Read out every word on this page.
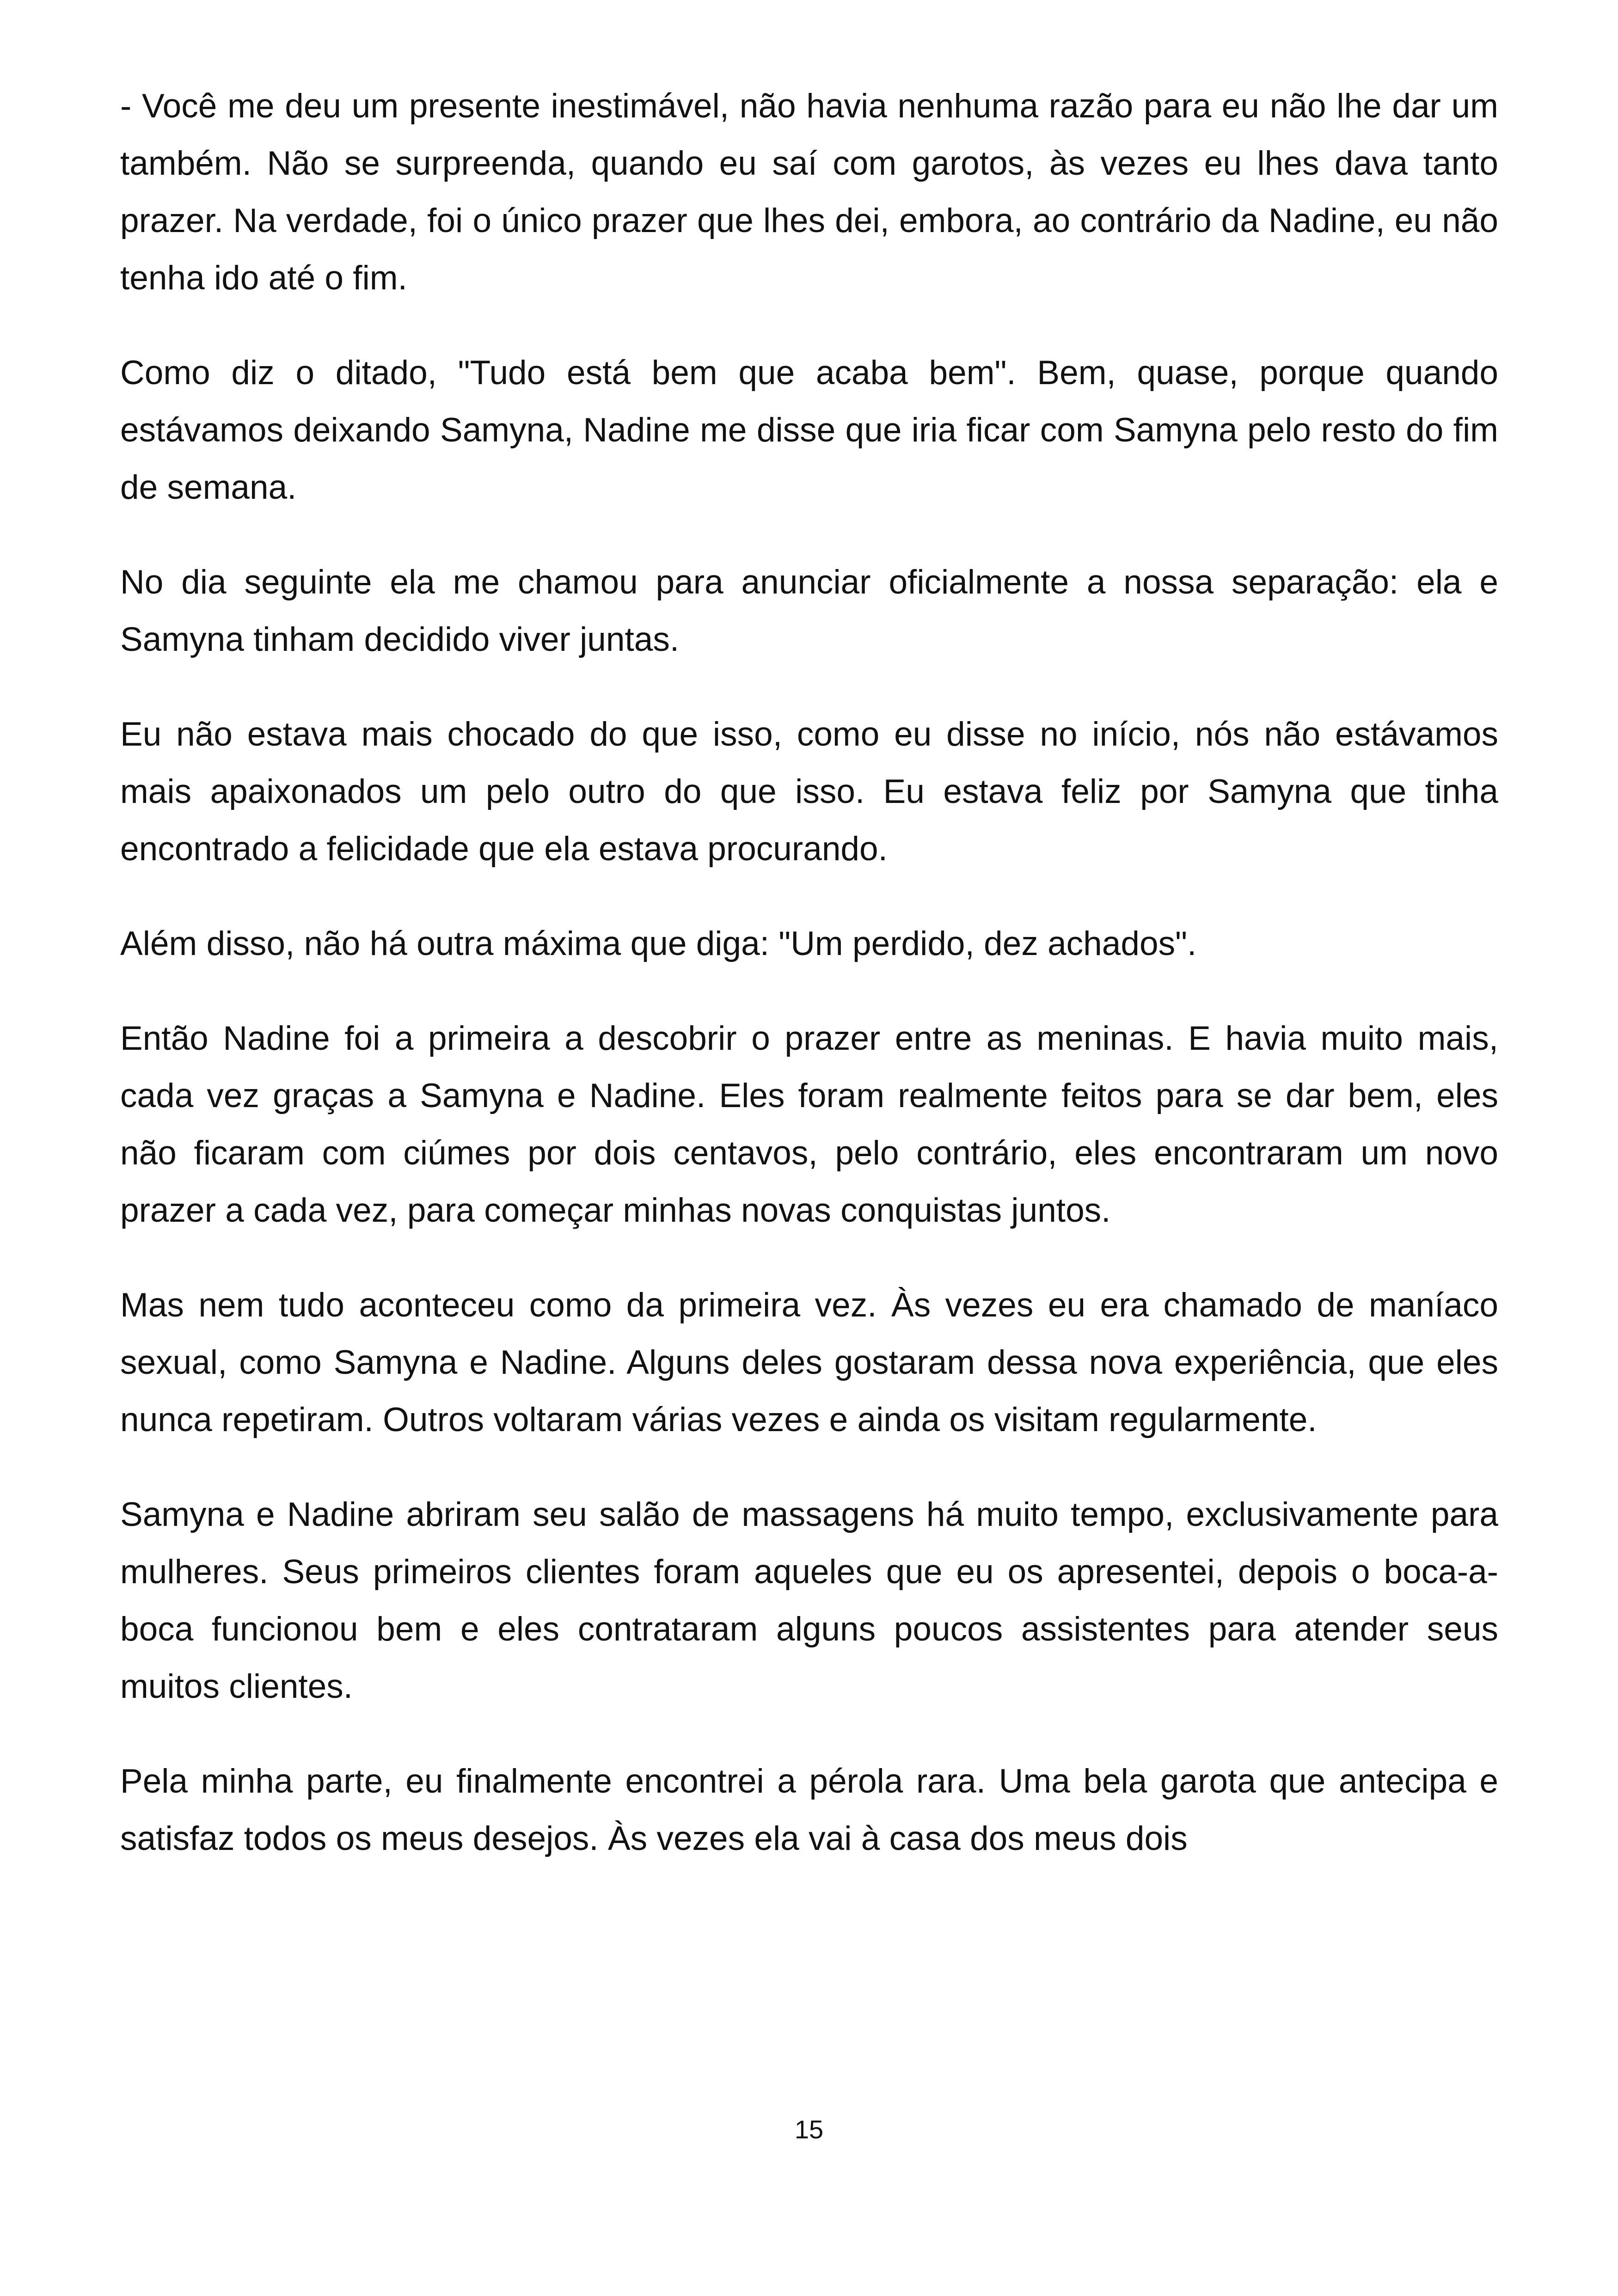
- Você me deu um presente inestimável, não havia nenhuma razão para eu não lhe dar um também. Não se surpreenda, quando eu saí com garotos, às vezes eu lhes dava tanto prazer. Na verdade, foi o único prazer que lhes dei, embora, ao contrário da Nadine, eu não tenha ido até o fim.

Como diz o ditado, "Tudo está bem que acaba bem". Bem, quase, porque quando estávamos deixando Samyna, Nadine me disse que iria ficar com Samyna pelo resto do fim de semana.

No dia seguinte ela me chamou para anunciar oficialmente a nossa separação: ela e Samyna tinham decidido viver juntas.

Eu não estava mais chocado do que isso, como eu disse no início, nós não estávamos mais apaixonados um pelo outro do que isso. Eu estava feliz por Samyna que tinha encontrado a felicidade que ela estava procurando.

Além disso, não há outra máxima que diga: "Um perdido, dez achados".

Então Nadine foi a primeira a descobrir o prazer entre as meninas. E havia muito mais, cada vez graças a Samyna e Nadine. Eles foram realmente feitos para se dar bem, eles não ficaram com ciúmes por dois centavos, pelo contrário, eles encontraram um novo prazer a cada vez, para começar minhas novas conquistas juntos.

Mas nem tudo aconteceu como da primeira vez. Às vezes eu era chamado de maníaco sexual, como Samyna e Nadine. Alguns deles gostaram dessa nova experiência, que eles nunca repetiram. Outros voltaram várias vezes e ainda os visitam regularmente.

Samyna e Nadine abriram seu salão de massagens há muito tempo, exclusivamente para mulheres. Seus primeiros clientes foram aqueles que eu os apresentei, depois o boca-a-boca funcionou bem e eles contrataram alguns poucos assistentes para atender seus muitos clientes.

Pela minha parte, eu finalmente encontrei a pérola rara. Uma bela garota que antecipa e satisfaz todos os meus desejos. Às vezes ela vai à casa dos meus dois

15
